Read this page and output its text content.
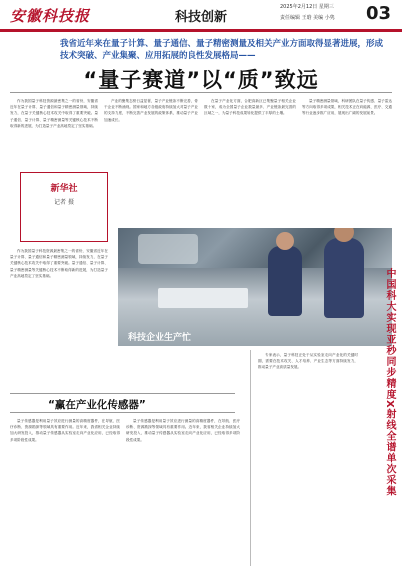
安徽科技报	科技创新
2025年2月12日 星期三
责任编辑 王晗 美编 小隽	03
我省近年来在量子计算、量子通信、量子精密测量及相关产业方面取得显著进展，形成技术突破、产业集聚、应用拓展的良性发展格局——
“量子赛道”以“质”致远

作为我国量子科技资源最密集之一的省份，安徽省近年在量子计算、量子通信和量子精密测量领域，持续发力，在量子关键核心技术攻关中取得了重要突破。量子通信、量子计算、量子精密测量等关键核心技术不断取得新的进展，为打造量子产业高地奠定了坚实基础。

产业的聚集态势日益显著，量子产业链条不断完善，骨干企业不断涌现。国家和地方各级政府持续加大对量子产业的支持力度，不断完善产业发展的政策体系，推动量子产业加速成长。

在量子产业化方面，合肥高新区已集聚量子相关企业数十家，成为全国量子企业数量最多、产业链条最完善的区域之一，为量子科技成果转化提供了丰厚的土壤。

量子精密测量领域，科研团队在量子传感、量子雷达等方向取得多项成果，相关技术正在向能源、医疗、交通等行业逐步推广应用，展现出广阔的发展前景。

新华社
记者 摄

作为我国量子科技资源最密集之一的省份，安徽省近年在量子计算、量子通信和量子精密测量领域，持续发力，在量子关键核心技术攻关中取得了重要突破。量子通信、量子计算、量子精密测量等关键核心技术不断取得新的进展，为打造量子产业高地奠定了坚实基础。

科技企业生产忙
“赢在产业化传感器”

量子传感器是利用量子效应进行测量的高精度器件，在导航、医疗诊断、资源勘探等领域具有重要作用。近年来，我省相关企业持续加大研发投入，推动量子传感器从实验室走向产业化应用，已经取得多项阶段性成果。

量子传感器是利用量子效应进行测量的高精度器件，在导航、医疗诊断、资源勘探等领域具有重要作用。近年来，我省相关企业持续加大研发投入，推动量子传感器从实验室走向产业化应用，已经取得多项阶段性成果。

专家表示，量子科技正处于从实验室走向产业化的关键时期，需要在技术攻关、人才培养、产业生态等方面持续发力，推动量子产业高质量发展。	中国科大实现亚秒同步精度X射线全谱单次采集
